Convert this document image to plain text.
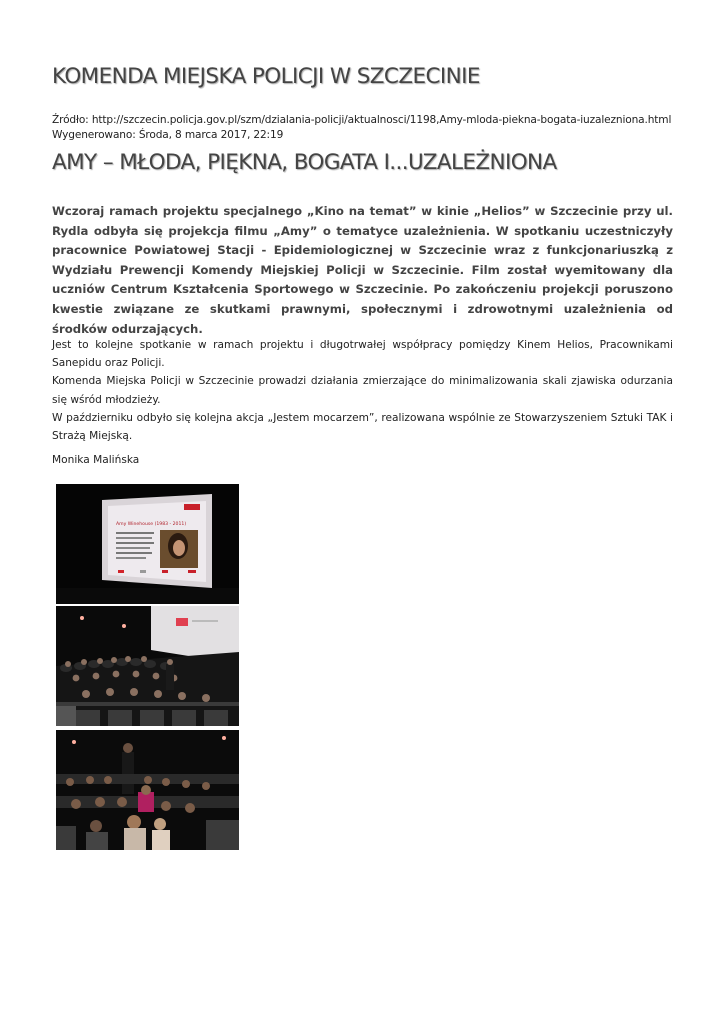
KOMENDA MIEJSKA POLICJI W SZCZECINIE
Źródło: http://szczecin.policja.gov.pl/szm/dzialania-policji/aktualnosci/1198,Amy-mloda-piekna-bogata-iuzalezniona.html
Wygenerowano: Środa, 8 marca 2017, 22:19
AMY – MŁODA, PIĘKNA, BOGATA I...UZALEŻNIONA

Wczoraj ramach projektu specjalnego „Kino na temat” w kinie „Helios” w Szczecinie przy ul. Rydla odbyła się projekcja filmu „Amy” o tematyce uzależnienia. W spotkaniu uczestniczyły pracownice Powiatowej Stacji - Epidemiologicznej w Szczecinie wraz z funkcjonariuszką z Wydziału Prewencji Komendy Miejskiej Policji w Szczecinie. Film został wyemitowany dla uczniów Centrum Kształcenia Sportowego w Szczecinie. Po zakończeniu projekcji poruszono kwestie związane ze skutkami prawnymi, społecznymi i zdrowotnymi uzależnienia od środków odurzających.

Jest to kolejne spotkanie w ramach projektu i długotrwałej współpracy pomiędzy Kinem Helios, Pracownikami Sanepidu oraz Policji.
Komenda Miejska Policji w Szczecinie prowadzi działania zmierzające do minimalizowania skali zjawiska odurzania się wśród młodzieży.
W październiku odbyło się kolejna akcja „Jestem mocarzem”, realizowana wspólnie ze Stowarzyszeniem Sztuki TAK i Strażą Miejską.
Monika Malińska
Amy Winehouse (1983 - 2011)
